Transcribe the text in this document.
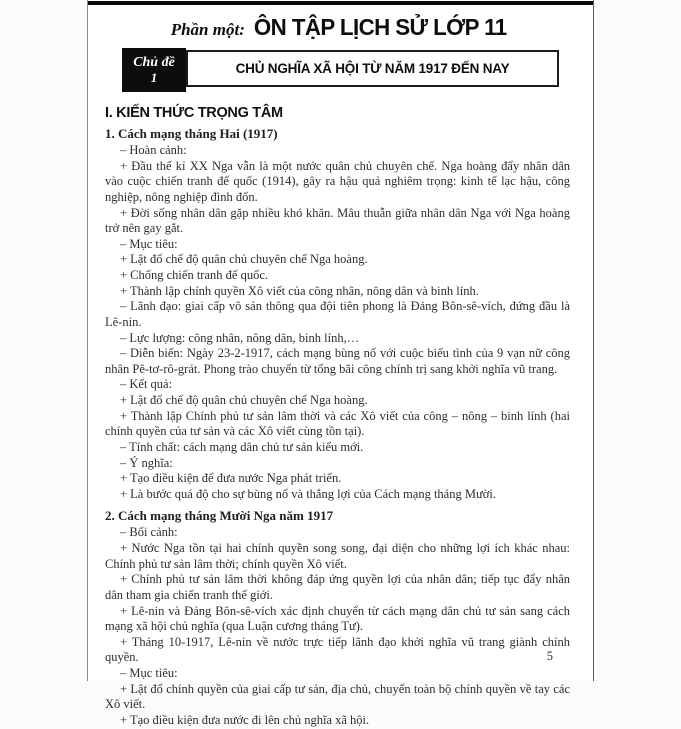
Phần một: ÔN TẬP LỊCH SỬ LỚP 11
Chủ đề
1
CHỦ NGHĨA XÃ HỘI TỪ NĂM 1917 ĐẾN NAY
I. KIẾN THỨC TRỌNG TÂM
1. Cách mạng tháng Hai (1917)

– Hoàn cảnh:

+ Đầu thế kỉ XX Nga vẫn là một nước quân chủ chuyên chế. Nga hoàng đẩy nhân dân vào cuộc chiến tranh đế quốc (1914), gây ra hậu quả nghiêm trọng: kinh tế lạc hậu, công nghiệp, nông nghiệp đình đốn.

+ Đời sống nhân dân gặp nhiều khó khăn. Mâu thuẫn giữa nhân dân Nga với Nga hoàng trở nên gay gắt.

– Mục tiêu:

+ Lật đổ chế độ quân chủ chuyên chế Nga hoàng.

+ Chống chiến tranh đế quốc.

+ Thành lập chính quyền Xô viết của công nhân, nông dân và binh lính.

– Lãnh đạo: giai cấp vô sản thông qua đội tiên phong là Đảng Bôn-sê-vích, đứng đầu là Lê-nin.

– Lực lượng: công nhân, nông dân, binh lính,…

– Diễn biến: Ngày 23-2-1917, cách mạng bùng nổ với cuộc biểu tình của 9 vạn nữ công nhân Pê-tơ-rô-grát. Phong trào chuyển từ tổng bãi công chính trị sang khởi nghĩa vũ trang.

– Kết quả:

+ Lật đổ chế độ quân chủ chuyên chế Nga hoàng.

+ Thành lập Chính phủ tư sản lâm thời và các Xô viết của công – nông – binh lính (hai chính quyền của tư sản và các Xô viết cùng tồn tại).

– Tính chất: cách mạng dân chủ tư sản kiểu mới.

– Ý nghĩa:

+ Tạo điều kiện để đưa nước Nga phát triển.

+ Là bước quá độ cho sự bùng nổ và thắng lợi của Cách mạng tháng Mười.

2. Cách mạng tháng Mười Nga năm 1917

– Bối cảnh:

+ Nước Nga tồn tại hai chính quyền song song, đại diện cho những lợi ích khác nhau: Chính phủ tư sản lâm thời; chính quyền Xô viết.

+ Chính phủ tư sản lâm thời không đáp ứng quyền lợi của nhân dân; tiếp tục đẩy nhân dân tham gia chiến tranh thế giới.

+ Lê-nin và Đảng Bôn-sê-vích xác định chuyển từ cách mạng dân chủ tư sản sang cách mạng xã hội chủ nghĩa (qua Luận cương tháng Tư).

+ Tháng 10-1917, Lê-nin về nước trực tiếp lãnh đạo khởi nghĩa vũ trang giành chính quyền.

– Mục tiêu:

+ Lật đổ chính quyền của giai cấp tư sản, địa chủ, chuyển toàn bộ chính quyền về tay các Xô viết.

+ Tạo điều kiện đưa nước đi lên chủ nghĩa xã hội.

5
